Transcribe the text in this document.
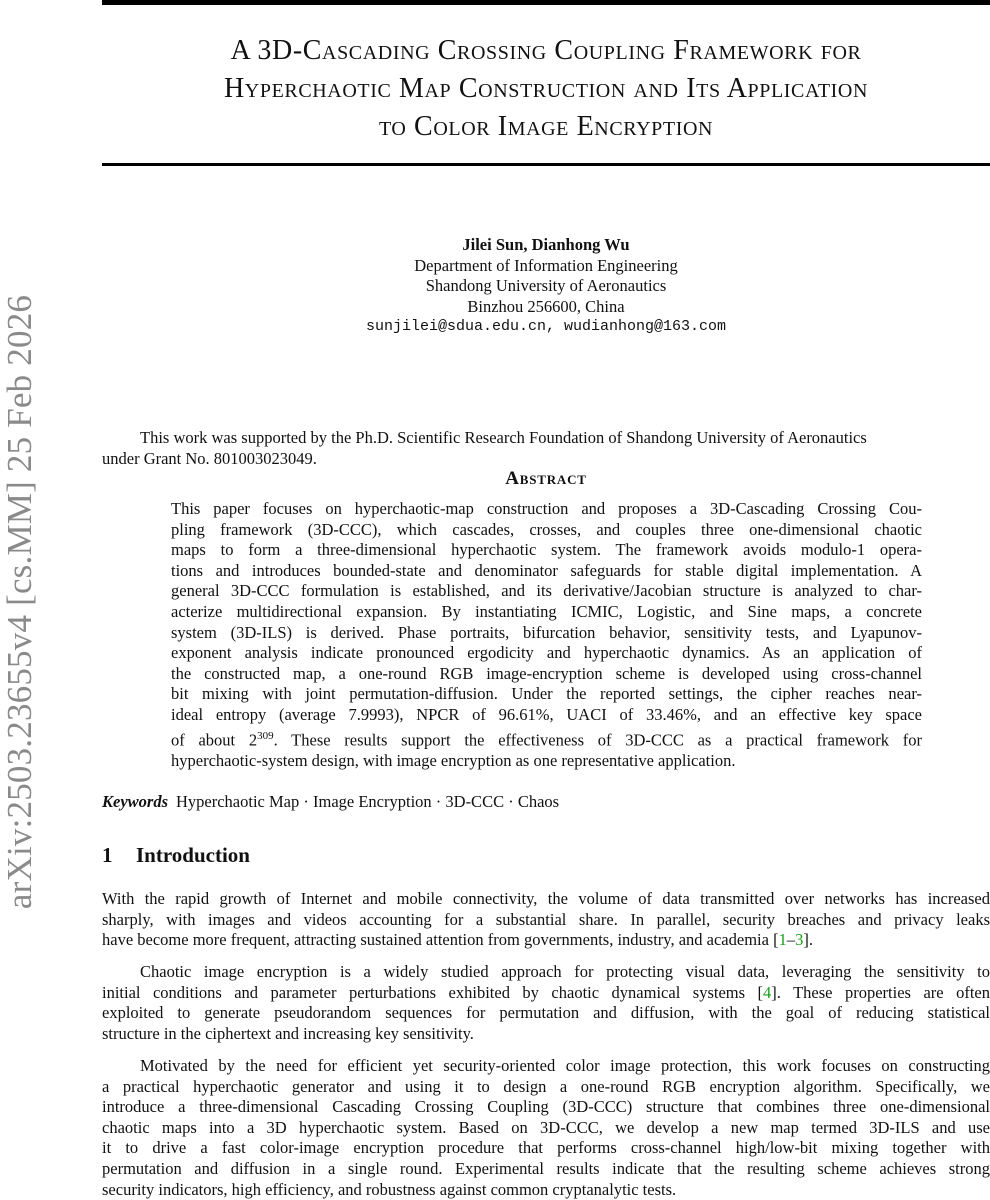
arXiv:2503.23655v4 [cs.MM] 25 Feb 2026
A 3D-Cascading Crossing Coupling Framework for
Hyperchaotic Map Construction and Its Application
to Color Image Encryption
Jilei Sun, Dianhong Wu
Department of Information Engineering
Shandong University of Aeronautics
Binzhou 256600, China
sunjilei@sdua.edu.cn, wudianhong@163.com
This work was supported by the Ph.D. Scientific Research Foundation of Shandong University of Aeronautics
under Grant No. 801003023049.
Abstract
This paper focuses on hyperchaotic-map construction and proposes a 3D-Cascading Crossing Cou-
pling framework (3D-CCC), which cascades, crosses, and couples three one-dimensional chaotic
maps to form a three-dimensional hyperchaotic system. The framework avoids modulo-1 opera-
tions and introduces bounded-state and denominator safeguards for stable digital implementation. A
general 3D-CCC formulation is established, and its derivative/Jacobian structure is analyzed to char-
acterize multidirectional expansion. By instantiating ICMIC, Logistic, and Sine maps, a concrete
system (3D-ILS) is derived. Phase portraits, bifurcation behavior, sensitivity tests, and Lyapunov-
exponent analysis indicate pronounced ergodicity and hyperchaotic dynamics. As an application of
the constructed map, a one-round RGB image-encryption scheme is developed using cross-channel
bit mixing with joint permutation-diffusion. Under the reported settings, the cipher reaches near-
ideal entropy (average 7.9993), NPCR of 96.61%, UACI of 33.46%, and an effective key space
of about $2^{309}$. These results support the effectiveness of 3D-CCC as a practical framework for
hyperchaotic-system design, with image encryption as one representative application.
Keywords Hyperchaotic Map · Image Encryption · 3D-CCC · Chaos
1 Introduction
With the rapid growth of Internet and mobile connectivity, the volume of data transmitted over networks has increased
sharply, with images and videos accounting for a substantial share. In parallel, security breaches and privacy leaks
have become more frequent, attracting sustained attention from governments, industry, and academia [1–3].
Chaotic image encryption is a widely studied approach for protecting visual data, leveraging the sensitivity to
initial conditions and parameter perturbations exhibited by chaotic dynamical systems [4]. These properties are often
exploited to generate pseudorandom sequences for permutation and diffusion, with the goal of reducing statistical
structure in the ciphertext and increasing key sensitivity.
Motivated by the need for efficient yet security-oriented color image protection, this work focuses on constructing
a practical hyperchaotic generator and using it to design a one-round RGB encryption algorithm. Specifically, we
introduce a three-dimensional Cascading Crossing Coupling (3D-CCC) structure that combines three one-dimensional
chaotic maps into a 3D hyperchaotic system. Based on 3D-CCC, we develop a new map termed 3D-ILS and use
it to drive a fast color-image encryption procedure that performs cross-channel high/low-bit mixing together with
permutation and diffusion in a single round. Experimental results indicate that the resulting scheme achieves strong
security indicators, high efficiency, and robustness against common cryptanalytic tests.
